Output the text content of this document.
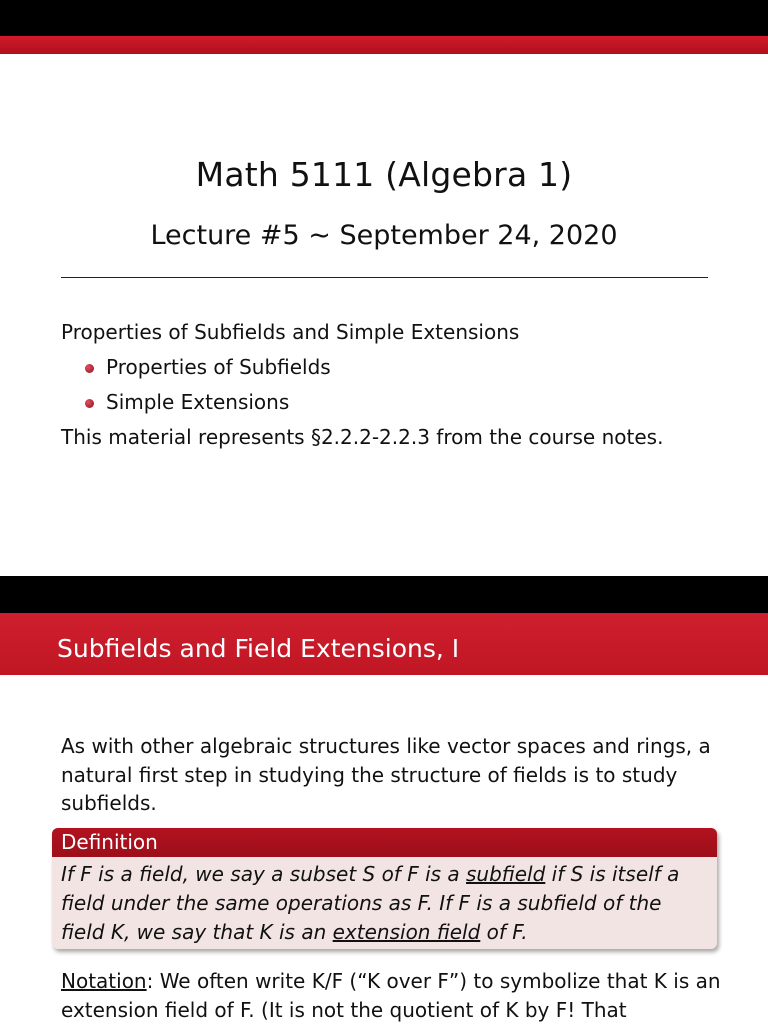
Math 5111 (Algebra 1)
Lecture #5 ∼ September 24, 2020
Properties of Subfields and Simple Extensions
Properties of Subfields
Simple Extensions
This material represents §2.2.2-2.2.3 from the course notes.
Subfields and Field Extensions, I
As with other algebraic structures like vector spaces and rings, a natural first step in studying the structure of fields is to study subfields.
Definition
If F is a field, we say a subset S of F is a subfield if S is itself a field under the same operations as F. If F is a subfield of the field K, we say that K is an extension field of F.
Notation: We often write K/F (“K over F”) to symbolize that K is an extension field of F. (It is not the quotient of K by F! That
